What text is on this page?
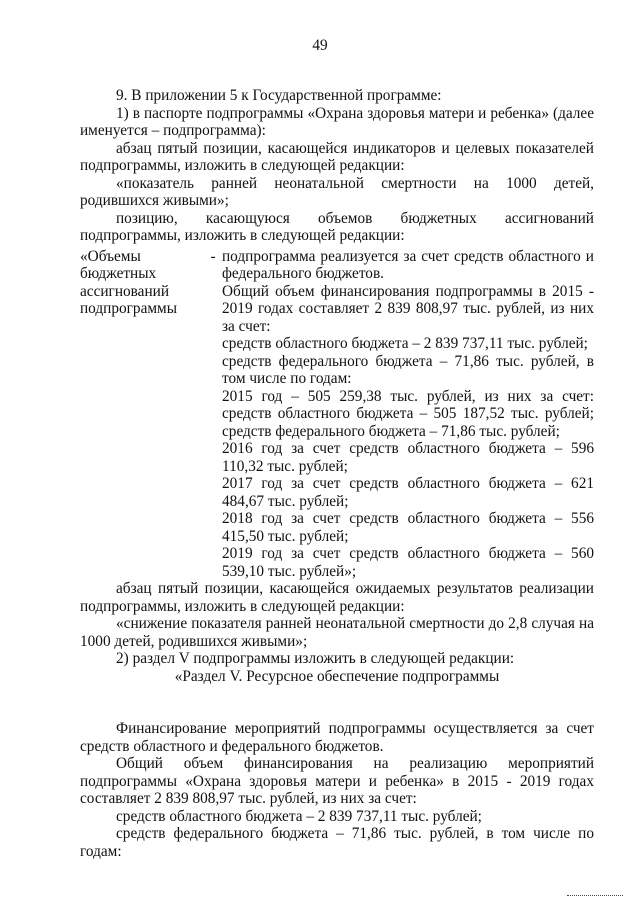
49

9. В приложении 5 к Государственной программе:

1) в паспорте подпрограммы «Охрана здоровья матери и ребенка» (далее именуется – подпрограмма):

абзац пятый позиции, касающейся индикаторов и целевых показателей подпрограммы, изложить в следующей редакции:

«показатель ранней неонатальной смертности на 1000 детей, родившихся живыми»;

позицию, касающуюся объемов бюджетных ассигнований подпрограммы, изложить в следующей редакции:

«Объемы
бюджетных
ассигнований
подпрограммы
- подпрограмма реализуется за счет средств областного и федерального бюджетов.

Общий объем финансирования подпрограммы в 2015 - 2019 годах составляет 2 839 808,97 тыс. рублей, из них за счет:

средств областного бюджета – 2 839 737,11 тыс. рублей;

средств федерального бюджета – 71,86 тыс. рублей, в том числе по годам:

2015 год – 505 259,38 тыс. рублей, из них за счет: средств областного бюджета – 505 187,52 тыс. рублей; средств федерального бюджета – 71,86 тыс. рублей;

2016 год за счет средств областного бюджета – 596 110,32 тыс. рублей;

2017 год за счет средств областного бюджета – 621 484,67 тыс. рублей;

2018 год за счет средств областного бюджета – 556 415,50 тыс. рублей;

2019 год за счет средств областного бюджета – 560 539,10 тыс. рублей»;

абзац пятый позиции, касающейся ожидаемых результатов реализации подпрограммы, изложить в следующей редакции:

«снижение показателя ранней неонатальной смертности до 2,8 случая на 1000 детей, родившихся живыми»;

2) раздел V подпрограммы изложить в следующей редакции:

«Раздел V. Ресурсное обеспечение подпрограммы

Финансирование мероприятий подпрограммы осуществляется за счет средств областного и федерального бюджетов.

Общий объем финансирования на реализацию мероприятий подпрограммы «Охрана здоровья матери и ребенка» в 2015 - 2019 годах составляет 2 839 808,97 тыс. рублей, из них за счет:

средств областного бюджета – 2 839 737,11 тыс. рублей;

средств федерального бюджета – 71,86 тыс. рублей, в том числе по годам:
